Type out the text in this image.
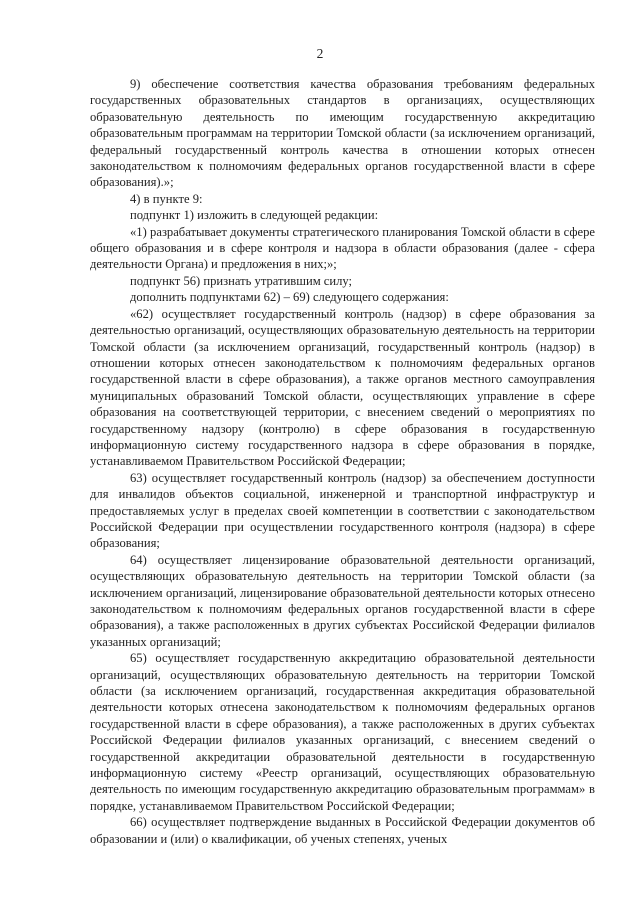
2

9) обеспечение соответствия качества образования требованиям федеральных государственных образовательных стандартов в организациях, осуществляющих образовательную деятельность по имеющим государственную аккредитацию образовательным программам на территории Томской области (за исключением организаций, федеральный государственный контроль качества в отношении которых отнесен законодательством к полномочиям федеральных органов государственной власти в сфере образования).»;

4) в пункте 9:

подпункт 1) изложить в следующей редакции:

«1) разрабатывает документы стратегического планирования Томской области в сфере общего образования и в сфере контроля и надзора в области образования (далее - сфера деятельности Органа) и предложения в них;»;

подпункт 56) признать утратившим силу;

дополнить подпунктами 62) – 69) следующего содержания:

«62) осуществляет государственный контроль (надзор) в сфере образования за деятельностью организаций, осуществляющих образовательную деятельность на территории Томской области (за исключением организаций, государственный контроль (надзор) в отношении которых отнесен законодательством к полномочиям федеральных органов государственной власти в сфере образования), а также органов местного самоуправления муниципальных образований Томской области, осуществляющих управление в сфере образования на соответствующей территории, с внесением сведений о мероприятиях по государственному надзору (контролю) в сфере образования в государственную информационную систему государственного надзора в сфере образования в порядке, устанавливаемом Правительством Российской Федерации;

63) осуществляет государственный контроль (надзор) за обеспечением доступности для инвалидов объектов социальной, инженерной и транспортной инфраструктур и предоставляемых услуг в пределах своей компетенции в соответствии с законодательством Российской Федерации при осуществлении государственного контроля (надзора) в сфере образования;

64) осуществляет лицензирование образовательной деятельности организаций, осуществляющих образовательную деятельность на территории Томской области (за исключением организаций, лицензирование образовательной деятельности которых отнесено законодательством к полномочиям федеральных органов государственной власти в сфере образования), а также расположенных в других субъектах Российской Федерации филиалов указанных организаций;

65) осуществляет государственную аккредитацию образовательной деятельности организаций, осуществляющих образовательную деятельность на территории Томской области (за исключением организаций, государственная аккредитация образовательной деятельности которых отнесена законодательством к полномочиям федеральных органов государственной власти в сфере образования), а также расположенных в других субъектах Российской Федерации филиалов указанных организаций, с внесением сведений о государственной аккредитации образовательной деятельности в государственную информационную систему «Реестр организаций, осуществляющих образовательную деятельность по имеющим государственную аккредитацию образовательным программам» в порядке, устанавливаемом Правительством Российской Федерации;

66) осуществляет подтверждение выданных в Российской Федерации документов об образовании и (или) о квалификации, об ученых степенях, ученых
